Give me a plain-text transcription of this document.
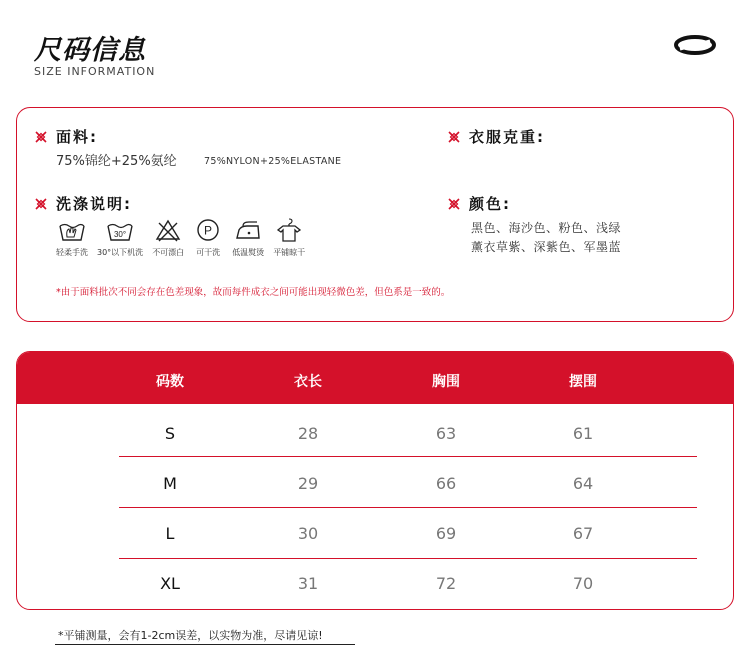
尺码信息
SIZE INFORMATION
面料:
75%锦纶+25%氨纶	75%NYLON+25%ELASTANE
衣服克重:
洗涤说明:
轻柔手洗
30°
30°以下机洗 不可漂白
P
可干洗 低温熨烫 平铺晾干
颜色:
黑色、海沙色、粉色、浅绿
薰衣草紫、深紫色、军墨蓝
*由于面料批次不同会存在色差现象，故而每件成衣之间可能出现轻微色差，但色系是一致的。
码数	衣长	胸围	摆围
S	28	63	61
M	29	66	64
L	30	69	67
XL	31	72	70
*平铺测量，会有1-2cm误差，以实物为准，尽请见谅!
